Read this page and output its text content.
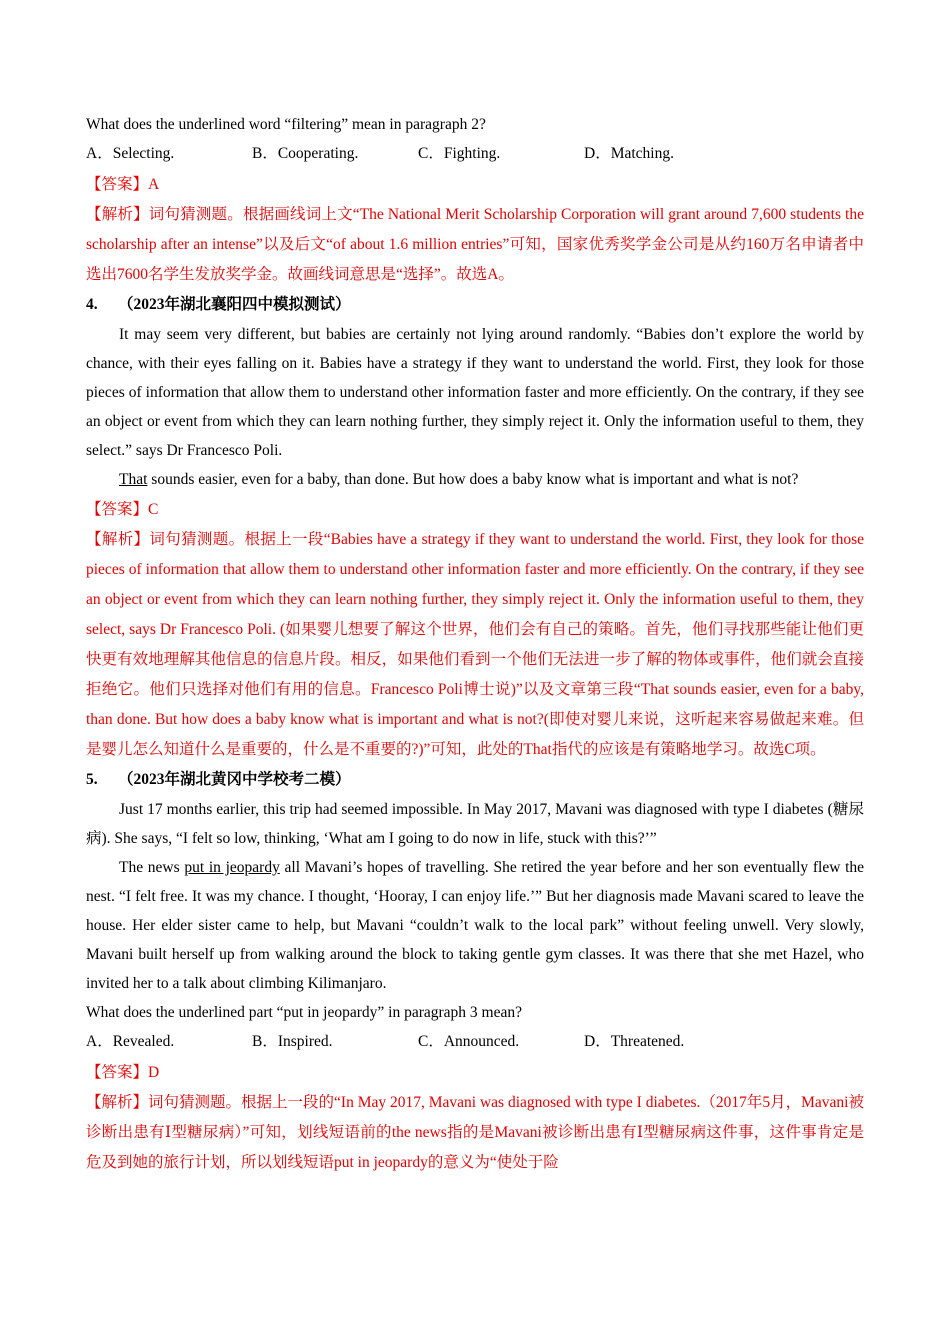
What does the underlined word “filtering” mean in paragraph 2?

A．Selecting.	B．Cooperating.	C．Fighting.	D．Matching.

【答案】A

【解析】词句猜测题。根据画线词上文“The National Merit Scholarship Corporation will grant around 7,600 students the scholarship after an intense”以及后文“of about 1.6 million entries”可知，国家优秀奖学金公司是从约160万名申请者中选出7600名学生发放奖学金。故画线词意思是“选择”。故选A。

4. （2023年湖北襄阳四中模拟测试）

It may seem very different, but babies are certainly not lying around randomly. “Babies don’t explore the world by chance, with their eyes falling on it. Babies have a strategy if they want to understand the world. First, they look for those pieces of information that allow them to understand other information faster and more efficiently. On the contrary, if they see an object or event from which they can learn nothing further, they simply reject it. Only the information useful to them, they select.” says Dr Francesco Poli.

That sounds easier, even for a baby, than done. But how does a baby know what is important and what is not?

【答案】C

【解析】词句猜测题。根据上一段“Babies have a strategy if they want to understand the world. First, they look for those pieces of information that allow them to understand other information faster and more efficiently. On the contrary, if they see an object or event from which they can learn nothing further, they simply reject it. Only the information useful to them, they select, says Dr Francesco Poli. (如果婴儿想要了解这个世界，他们会有自己的策略。首先，他们寻找那些能让他们更快更有效地理解其他信息的信息片段。相反，如果他们看到一个他们无法进一步了解的物体或事件，他们就会直接拒绝它。他们只选择对他们有用的信息。Francesco Poli博士说)”以及文章第三段“That sounds easier, even for a baby, than done. But how does a baby know what is important and what is not?(即使对婴儿来说，这听起来容易做起来难。但是婴儿怎么知道什么是重要的，什么是不重要的?)”可知，此处的That指代的应该是有策略地学习。故选C项。

5. （2023年湖北黄冈中学校考二模）

Just 17 months earlier, this trip had seemed impossible. In May 2017, Mavani was diagnosed with type I diabetes (糖尿病). She says, “I felt so low, thinking, ‘What am I going to do now in life, stuck with this?’”

The news put in jeopardy all Mavani’s hopes of travelling. She retired the year before and her son eventually flew the nest. “I felt free. It was my chance. I thought, ‘Hooray, I can enjoy life.’” But her diagnosis made Mavani scared to leave the house. Her elder sister came to help, but Mavani “couldn’t walk to the local park” without feeling unwell. Very slowly, Mavani built herself up from walking around the block to taking gentle gym classes. It was there that she met Hazel, who invited her to a talk about climbing Kilimanjaro.

What does the underlined part “put in jeopardy” in paragraph 3 mean?

A．Revealed.	B．Inspired.	C．Announced.	D．Threatened.

【答案】D

【解析】词句猜测题。根据上一段的“In May 2017, Mavani was diagnosed with type I diabetes.（2017年5月，Mavani被诊断出患有Ⅰ型糖尿病）”可知，划线短语前的the news指的是Mavani被诊断出患有Ⅰ型糖尿病这件事，这件事肯定是危及到她的旅行计划，所以划线短语put in jeopardy的意义为“使处于险
